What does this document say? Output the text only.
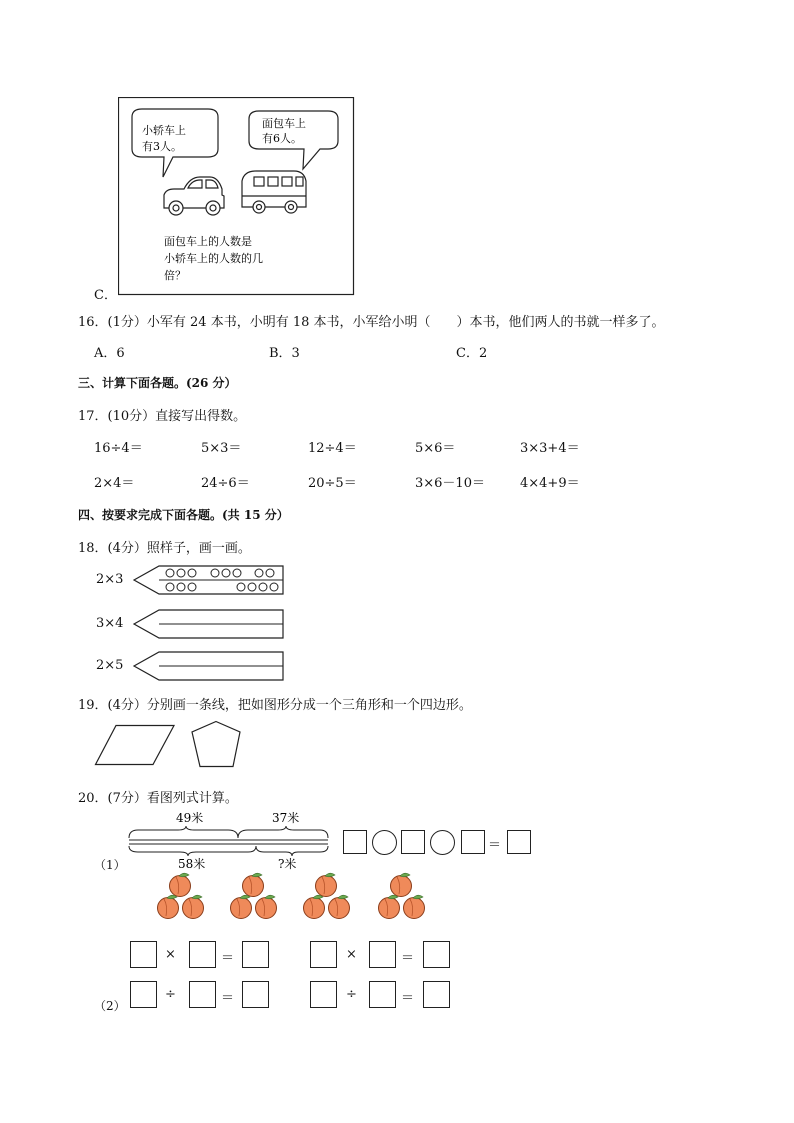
C．
小轿车上
有3人。
面包车上
有6人。
面包车上的人数是
小轿车上的人数的几
倍？
16．(1分）小军有 24 本书，小明有 18 本书，小军给小明（　　）本书，他们两人的书就一样多了。
A．6	B．3	C．2
三、计算下面各题。(26 分）
17．(10分）直接写出得数。
16÷4＝	5×3＝	12÷4＝	5×6＝	3×3+4＝
2×4＝	24÷6＝	20÷5＝	3×6－10＝	4×4+9＝
四、按要求完成下面各题。(共 15 分）
18．(4分）照样子，画一画。
2×3
3×4
2×5
19．(4分）分别画一条线，把如图形分成一个三角形和一个四边形。
20．(7分）看图列式计算。
（1）
49米	37米
58米	?米
＝
×	＝	×	＝
（2）
÷	＝	÷	＝
